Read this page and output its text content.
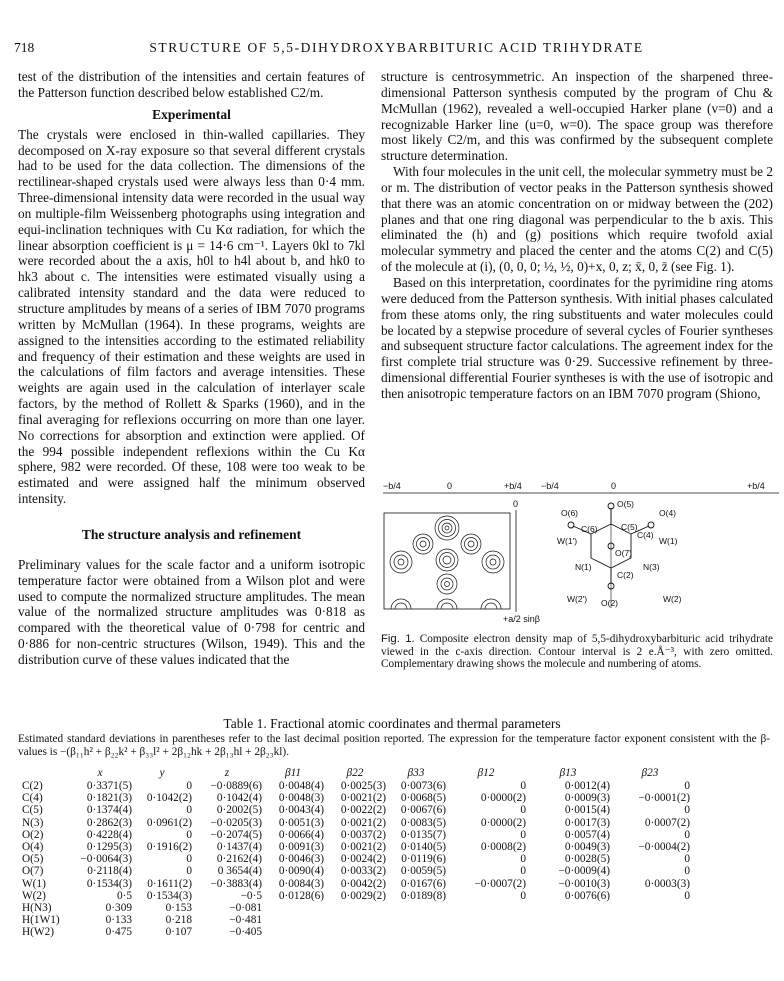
718	STRUCTURE OF 5,5-DIHYDROXYBARBITURIC ACID TRIHYDRATE

test of the distribution of the intensities and certain features of the Patterson function described below established C2/m.

Experimental

The crystals were enclosed in thin-walled capillaries. They decomposed on X-ray exposure so that several different crystals had to be used for the data collection. The dimensions of the rectilinear-shaped crystals used were always less than 0·4 mm. Three-dimensional intensity data were recorded in the usual way on multiple-film Weissenberg photographs using integration and equi-inclination techniques with Cu Kα radiation, for which the linear absorption coefficient is μ = 14·6 cm⁻¹. Layers 0kl to 7kl were recorded about the a axis, h0l to h4l about b, and hk0 to hk3 about c. The intensities were estimated visually using a calibrated intensity standard and the data were reduced to structure amplitudes by means of a series of IBM 7070 programs written by McMullan (1964). In these programs, weights are assigned to the intensities according to the estimated reliability and frequency of their estimation and these weights are used in the calculations of film factors and average intensities. These weights are again used in the calculation of interlayer scale factors, by the method of Rollett & Sparks (1960), and in the final averaging for reflexions occurring on more than one layer. No corrections for absorption and extinction were applied. Of the 994 possible independent reflexions within the Cu Kα sphere, 982 were recorded. Of these, 108 were too weak to be estimated and were assigned half the minimum observed intensity.

The structure analysis and refinement

Preliminary values for the scale factor and a uniform isotropic temperature factor were obtained from a Wilson plot and were used to compute the normalized structure amplitudes. The mean value of the normalized structure amplitudes was 0·818 as compared with the theoretical value of 0·798 for centric and 0·886 for non-centric structures (Wilson, 1949). This and the distribution curve of these values indicated that the

structure is centrosymmetric. An inspection of the sharpened three-dimensional Patterson synthesis computed by the program of Chu & McMullan (1962), revealed a well-occupied Harker plane (v=0) and a recognizable Harker line (u=0, w=0). The space group was therefore most likely C2/m, and this was confirmed by the subsequent complete structure determination.

With four molecules in the unit cell, the molecular symmetry must be 2 or m. The distribution of vector peaks in the Patterson synthesis showed that there was an atomic concentration on or midway between the (202) planes and that one ring diagonal was perpendicular to the b axis. This eliminated the (h) and (g) positions which require twofold axial molecular symmetry and placed the center and the atoms C(2) and C(5) of the molecule at (i), (0, 0, 0; ½, ½, 0)+x, 0, z; x̄, 0, z̄ (see Fig. 1).

Based on this interpretation, coordinates for the pyrimidine ring atoms were deduced from the Patterson synthesis. With initial phases calculated from these atoms only, the ring substituents and water molecules could be located by a stepwise procedure of several cycles of Fourier syntheses and subsequent structure factor calculations. The agreement index for the first complete trial structure was 0·29. Successive refinement by three-dimensional differential Fourier syntheses is with the use of isotropic and then anisotropic temperature factors on an IBM 7070 program (Shiono,

−b/4	0	+b/4 −b/4	0	+b/4
0
+a/2 sinβ
O(5)
O(6)
C(6)	C(5)
O(4)
C(4)
W(1')	W(1)
O(7)
N(1)	N(3)
C(2)
W(2')	W(2)
O(2)
Fig. 1. Composite electron density map of 5,5-dihydroxybarbituric acid trihydrate viewed in the c-axis direction. Contour interval is 2 e.Å⁻³, with zero omitted. Complementary drawing shows the molecule and numbering of atoms.
Table 1. Fractional atomic coordinates and thermal parameters
Estimated standard deviations in parentheses refer to the last decimal position reported. The expression for the temperature factor exponent consistent with the β-values is −(β₁₁h² + β₂₂k² + β₃₃l² + 2β₁₂hk + 2β₁₃hl + 2β₂₃kl).
	x	y	z	β11	β22	β33	β12	β13	β23
C(2)	0·3371(5)	0	−0·0889(6)	0·0048(4)	0·0025(3)	0·0073(6)	0	0·0012(4)	0
C(4)	0·1821(3)	0·1042(2)	0·1042(4)	0·0048(3)	0·0021(2)	0·0068(5)	0·0000(2)	0·0009(3)	−0·0001(2)
C(5)	0·1374(4)	0	0·2002(5)	0·0043(4)	0·0022(2)	0·0067(6)	0	0·0015(4)	0
N(3)	0·2862(3)	0·0961(2)	−0·0205(3)	0·0051(3)	0·0021(2)	0·0083(5)	0·0000(2)	0·0017(3)	0·0007(2)
O(2)	0·4228(4)	0	−0·2074(5)	0·0066(4)	0·0037(2)	0·0135(7)	0	0·0057(4)	0
O(4)	0·1295(3)	0·1916(2)	0·1437(4)	0·0091(3)	0·0021(2)	0·0140(5)	0·0008(2)	0·0049(3)	−0·0004(2)
O(5)	−0·0064(3)	0	0·2162(4)	0·0046(3)	0·0024(2)	0·0119(6)	0	0·0028(5)	0
O(7)	0·2118(4)	0	0 3654(4)	0·0090(4)	0·0033(2)	0·0059(5)	0	−0·0009(4)	0
W(1)	0·1534(3)	0·1611(2)	−0·3883(4)	0·0084(3)	0·0042(2)	0·0167(6)	−0·0007(2)	−0·0010(3)	0·0003(3)
W(2)	0·5	0·1534(3)	−0·5	0·0128(6)	0·0029(2)	0·0189(8)	0	0·0076(6)	0
H(N3)	0·309	0·153	−0·081						
H(1W1)	0·133	0·218	−0·481						
H(W2)	0·475	0·107	−0·405						
